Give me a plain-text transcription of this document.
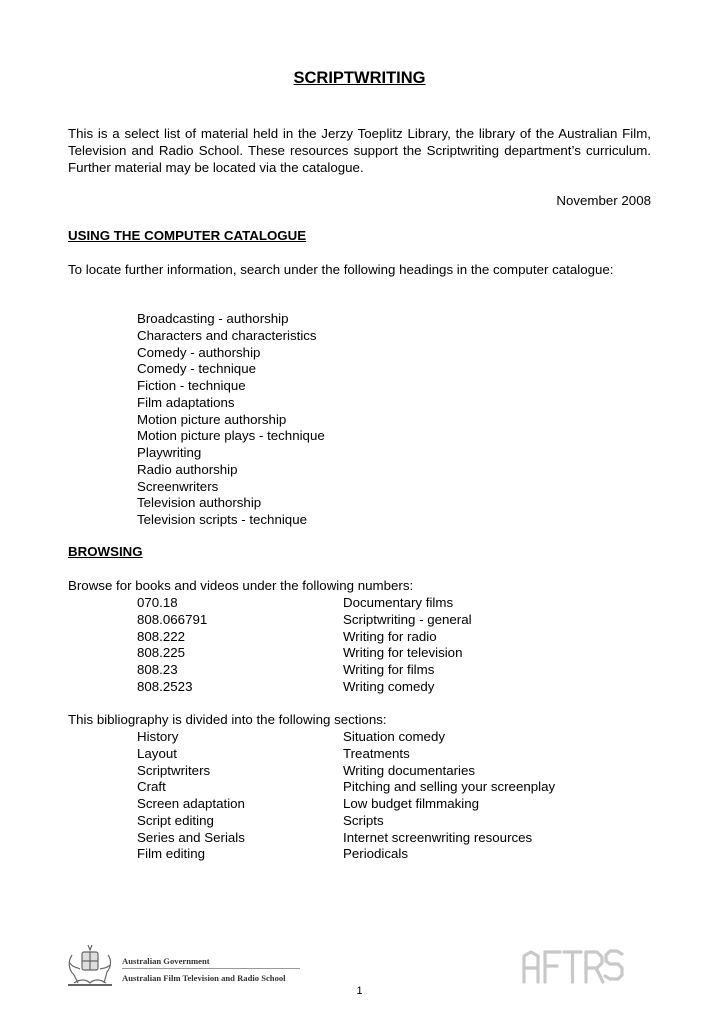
SCRIPTWRITING

This is a select list of material held in the Jerzy Toeplitz Library, the library of the Australian Film, Television and Radio School. These resources support the Scriptwriting department’s curriculum. Further material may be located via the catalogue.

November 2008
USING THE COMPUTER CATALOGUE

To locate further information, search under the following headings in the computer catalogue:

Broadcasting - authorship
Characters and characteristics
Comedy - authorship
Comedy - technique
Fiction - technique
Film adaptations
Motion picture authorship
Motion picture plays - technique
Playwriting
Radio authorship
Screenwriters
Television authorship
Television scripts - technique
BROWSING

Browse for books and videos under the following numbers:

070.18	Documentary films
808.066791	Scriptwriting - general
808.222	Writing for radio
808.225	Writing for television
808.23	Writing for films
808.2523	Writing comedy

This bibliography is divided into the following sections:

History	Situation comedy
Layout	Treatments
Scriptwriters	Writing documentaries
Craft	Pitching and selling your screenplay
Screen adaptation	Low budget filmmaking
Script editing	Scripts
Series and Serials	Internet screenwriting resources
Film editing	Periodicals
Australian Government
Australian Film Television and Radio School
1
